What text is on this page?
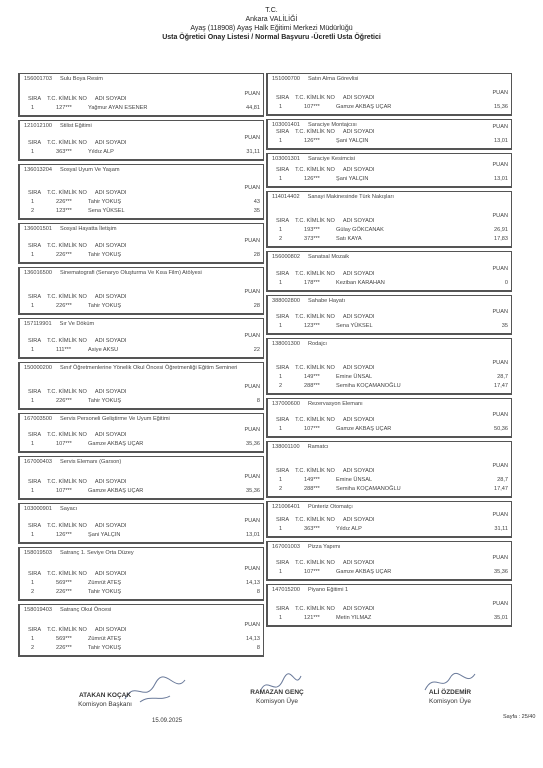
T.C.
Ankara VALİLİĞİ
Ayaş (118908) Ayaş Halk Eğitimi Merkezi Müdürlüğü
Usta Öğretici Onay Listesi / Normal Başvuru -Ücretli Usta Öğretici
156001703 Sulu Boya Resim
PUAN
SIRA T.C. KİMLİK NO ADI SOYADI
1	127***	Yağmur AYAN ESENER	44,81
121012100 Stilist Eğitimi
PUAN
SIRA T.C. KİMLİK NO ADI SOYADI
1	363***	Yıldız ALP	31,11
136013204 Sosyal Uyum Ve Yaşam
PUAN
SIRA T.C. KİMLİK NO ADI SOYADI
1	226***	Tahir YOKUŞ	43
2	123***	Sena YÜKSEL	35
136001501 Sosyal Hayatta İletişim
PUAN
SIRA T.C. KİMLİK NO ADI SOYADI
1	226***	Tahir YOKUŞ	28
136016500 Sinematografi (Senaryo Oluşturma Ve Kısa Film) Atölyesi
PUAN
SIRA T.C. KİMLİK NO ADI SOYADI
1	226***	Tahir YOKUŞ	28
157119901 Sır Ve Döküm
PUAN
SIRA T.C. KİMLİK NO ADI SOYADI
1	111***	Asiye AKSU	22
150000200 Sınıf Öğretmenlerine Yönelik Okul Öncesi Öğretmenliği Eğitim Semineri
PUAN
SIRA T.C. KİMLİK NO ADI SOYADI
1	226***	Tahir YOKUŞ	8
167003500 Servis Personeli Geliştirme Ve Uyum Eğitimi
PUAN
SIRA T.C. KİMLİK NO ADI SOYADI
1	107***	Gamze AKBAŞ UÇAR	35,36
167000403 Servis Elemanı (Garson)
PUAN
SIRA T.C. KİMLİK NO ADI SOYADI
1	107***	Gamze AKBAŞ UÇAR	35,36
103000901 Sayacı
PUAN
SIRA T.C. KİMLİK NO ADI SOYADI
1	126***	Şani YALÇIN	13,01
158019503 Satranç 1. Seviye Orta Düzey
PUAN
SIRA T.C. KİMLİK NO ADI SOYADI
1	569***	Zümrüt ATEŞ	14,13
2	226***	Tahir YOKUŞ	8
158019403 Satranç Okul Öncesi
PUAN
SIRA T.C. KİMLİK NO ADI SOYADI
1	569***	Zümrüt ATEŞ	14,13
2	226***	Tahir YOKUŞ	8
151000700 Satın Alma Görevlisi
PUAN
SIRA T.C. KİMLİK NO ADI SOYADI
1	107***	Gamze AKBAŞ UÇAR	15,36
103001401 Saraciye Montajcısı	PUAN
SIRA T.C. KİMLİK NO ADI SOYADI
1	126***	Şani YALÇIN	13,01
103001301 Saraciye Kesimcisi
PUAN
SIRA T.C. KİMLİK NO ADI SOYADI
1	126***	Şani YALÇIN	13,01
114014402 Sanayi Makinesinde Türk Nakışları
PUAN
SIRA T.C. KİMLİK NO ADI SOYADI
1	193***	Gülay GÖKCANAK	26,91
2	373***	Satı KAYA	17,83
156000802 Sanatsal Mozaik
PUAN
SIRA T.C. KİMLİK NO ADI SOYADI
1	178***	Keziban KARAHAN	0
388002800 Sahabe Hayatı
PUAN
SIRA T.C. KİMLİK NO ADI SOYADI
1	123***	Sena YÜKSEL	35
138001300 Rodajcı
PUAN
SIRA T.C. KİMLİK NO ADI SOYADI
1	149***	Emine ÜNSAL	28,7
2	288***	Semiha KOÇAMANOĞLU	17,47
137000600 Rezervasyon Elemanı
PUAN
SIRA T.C. KİMLİK NO ADI SOYADI
1	107***	Gamze AKBAŞ UÇAR	50,36
138001100 Ramatcı
PUAN
SIRA T.C. KİMLİK NO ADI SOYADI
1	149***	Emine ÜNSAL	28,7
2	288***	Semiha KOÇAMANOĞLU	17,47
121006401 Pünteriz Otomatçı
PUAN
SIRA T.C. KİMLİK NO ADI SOYADI
1	363***	Yıldız ALP	31,11
167001003 Pizza Yapımı
PUAN
SIRA T.C. KİMLİK NO ADI SOYADI
1	107***	Gamze AKBAŞ UÇAR	35,36
147015200 Piyano Eğitimi 1
PUAN
SIRA T.C. KİMLİK NO ADI SOYADI
1	121***	Metin YILMAZ	35,01
ATAKAN KOÇAK
Komisyon Başkanı
RAMAZAN GENÇ
Komisyon Üye
ALİ ÖZDEMİR
Komisyon Üye
15.09.2025
Sayfa : 25/40
